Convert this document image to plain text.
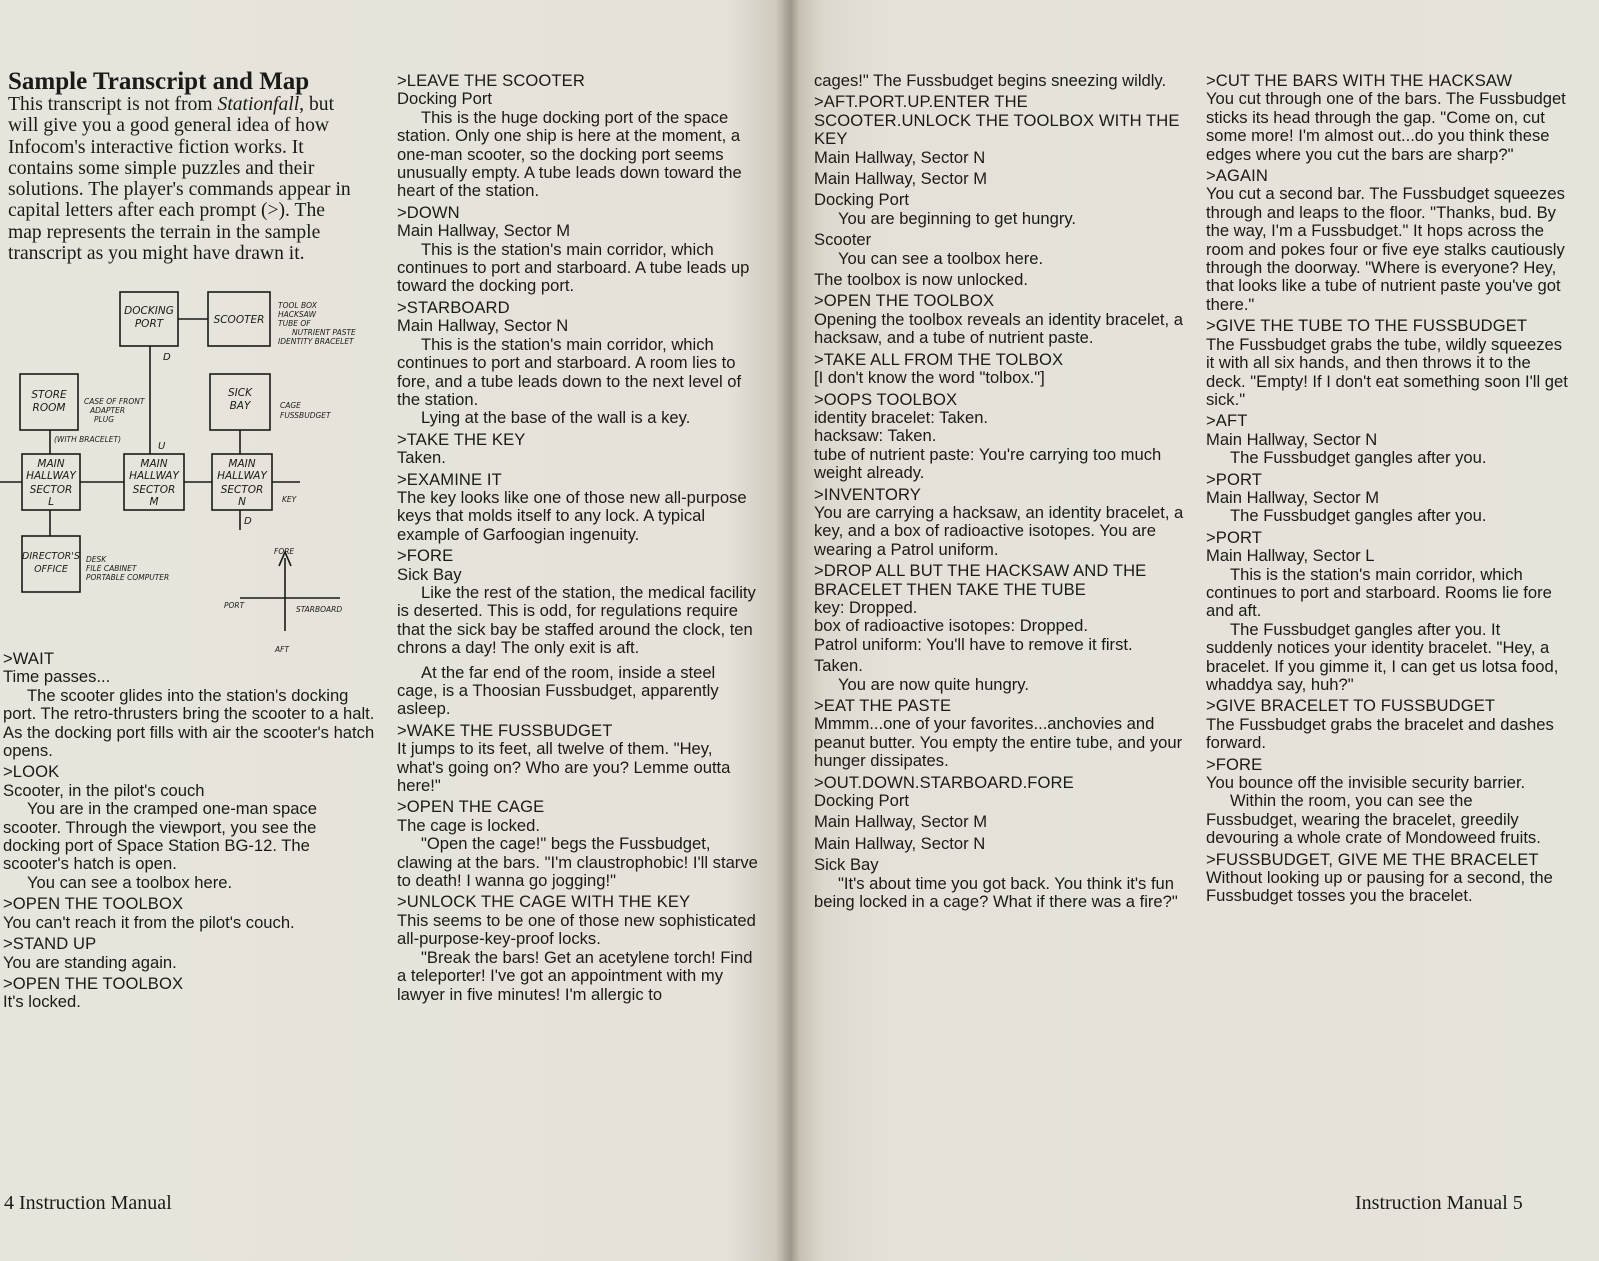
Sample Transcript and Map
This transcript is not from Stationfall, but will give you a good general idea of how Infocom's interactive fiction works. It contains some simple puzzles and their solutions. The player's commands appear in capital letters after each prompt (>). The map represents the terrain in the sample transcript as you might have drawn it.
DOCKING
PORT	SCOOTER
STORE
ROOM
SICK
BAY
MAIN
HALLWAY
SECTOR
L
MAIN
HALLWAY
SECTOR
M
MAIN
HALLWAY
SECTOR
N
DIRECTOR'S
OFFICE
TOOL BOX
HACKSAW
TUBE OF
NUTRIENT PASTE
IDENTITY BRACELET
CASE OF FRONT
ADAPTER
PLUG
(WITH BRACELET)
CAGE
FUSSBUDGET
KEY
DESK
FILE CABINET
PORTABLE COMPUTER
FORE
AFT
PORT	STARBOARD
D
U
D

>WAIT

Time passes...

The scooter glides into the station's docking port. The retro-thrusters bring the scooter to a halt. As the docking port fills with air the scooter's hatch opens.

>LOOK

Scooter, in the pilot's couch

You are in the cramped one-man space scooter. Through the viewport, you see the docking port of Space Station BG-12. The scooter's hatch is open.

You can see a toolbox here.

>OPEN THE TOOLBOX

You can't reach it from the pilot's couch.

>STAND UP

You are standing again.

>OPEN THE TOOLBOX

It's locked.

>LEAVE THE SCOOTER

Docking Port

This is the huge docking port of the space station. Only one ship is here at the moment, a one-man scooter, so the docking port seems unusually empty. A tube leads down toward the heart of the station.

>DOWN

Main Hallway, Sector M

This is the station's main corridor, which continues to port and starboard. A tube leads up toward the docking port.

>STARBOARD

Main Hallway, Sector N

This is the station's main corridor, which continues to port and starboard. A room lies to fore, and a tube leads down to the next level of the station.

Lying at the base of the wall is a key.

>TAKE THE KEY

Taken.

>EXAMINE IT

The key looks like one of those new all-purpose keys that molds itself to any lock. A typical example of Garfoogian ingenuity.

>FORE

Sick Bay

Like the rest of the station, the medical facility is deserted. This is odd, for regulations require that the sick bay be staffed around the clock, ten chrons a day! The only exit is aft.

At the far end of the room, inside a steel cage, is a Thoosian Fussbudget, apparently asleep.

>WAKE THE FUSSBUDGET

It jumps to its feet, all twelve of them. "Hey, what's going on? Who are you? Lemme outta here!"

>OPEN THE CAGE

The cage is locked.

"Open the cage!" begs the Fussbudget, clawing at the bars. "I'm claustrophobic! I'll starve to death! I wanna go jogging!"

>UNLOCK THE CAGE WITH THE KEY

This seems to be one of those new sophisticated all-purpose-key-proof locks.

"Break the bars! Get an acetylene torch! Find a teleporter! I've got an appointment with my lawyer in five minutes! I'm allergic to

4 Instruction Manual

cages!" The Fussbudget begins sneezing wildly.

>AFT.PORT.UP.ENTER THE SCOOTER.UNLOCK THE TOOLBOX WITH THE KEY

Main Hallway, Sector N

Main Hallway, Sector M

Docking Port

You are beginning to get hungry.

Scooter

You can see a toolbox here.

The toolbox is now unlocked.

>OPEN THE TOOLBOX

Opening the toolbox reveals an identity bracelet, a hacksaw, and a tube of nutrient paste.

>TAKE ALL FROM THE TOLBOX

[I don't know the word "tolbox."]

>OOPS TOOLBOX

identity bracelet: Taken.

hacksaw: Taken.

tube of nutrient paste: You're carrying too much weight already.

>INVENTORY

You are carrying a hacksaw, an identity bracelet, a key, and a box of radioactive isotopes. You are wearing a Patrol uniform.

>DROP ALL BUT THE HACKSAW AND THE BRACELET THEN TAKE THE TUBE

key: Dropped.

box of radioactive isotopes: Dropped.

Patrol uniform: You'll have to remove it first.

Taken.

You are now quite hungry.

>EAT THE PASTE

Mmmm...one of your favorites...anchovies and peanut butter. You empty the entire tube, and your hunger dissipates.

>OUT.DOWN.STARBOARD.FORE

Docking Port

Main Hallway, Sector M

Main Hallway, Sector N

Sick Bay

"It's about time you got back. You think it's fun being locked in a cage? What if there was a fire?"

>CUT THE BARS WITH THE HACKSAW

You cut through one of the bars. The Fussbudget sticks its head through the gap. "Come on, cut some more! I'm almost out...do you think these edges where you cut the bars are sharp?"

>AGAIN

You cut a second bar. The Fussbudget squeezes through and leaps to the floor. "Thanks, bud. By the way, I'm a Fussbudget." It hops across the room and pokes four or five eye stalks cautiously through the doorway. "Where is everyone? Hey, that looks like a tube of nutrient paste you've got there."

>GIVE THE TUBE TO THE FUSSBUDGET

The Fussbudget grabs the tube, wildly squeezes it with all six hands, and then throws it to the deck. "Empty! If I don't eat something soon I'll get sick."

>AFT

Main Hallway, Sector N

The Fussbudget gangles after you.

>PORT

Main Hallway, Sector M

The Fussbudget gangles after you.

>PORT

Main Hallway, Sector L

This is the station's main corridor, which continues to port and starboard. Rooms lie fore and aft.

The Fussbudget gangles after you. It suddenly notices your identity bracelet. "Hey, a bracelet. If you gimme it, I can get us lotsa food, whaddya say, huh?"

>GIVE BRACELET TO FUSSBUDGET

The Fussbudget grabs the bracelet and dashes forward.

>FORE

You bounce off the invisible security barrier.

Within the room, you can see the Fussbudget, wearing the bracelet, greedily devouring a whole crate of Mondoweed fruits.

>FUSSBUDGET, GIVE ME THE BRACELET

Without looking up or pausing for a second, the Fussbudget tosses you the bracelet.

Instruction Manual 5
